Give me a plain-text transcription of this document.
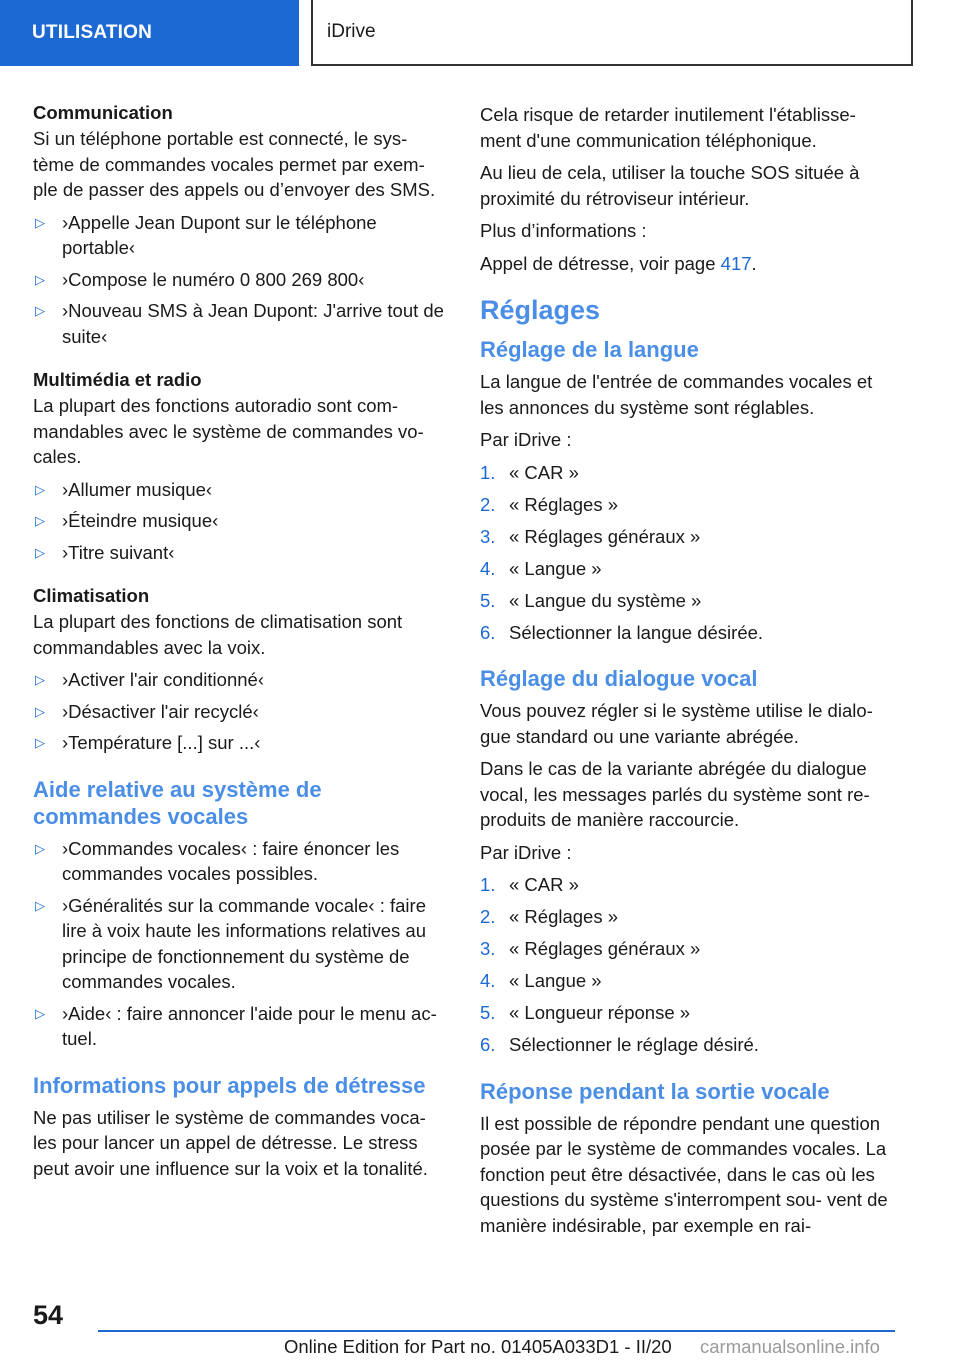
UTILISATION	iDrive
Communication

Si un téléphone portable est connecté, le sys- tème de commandes vocales permet par exem- ple de passer des appels ou d’envoyer des SMS.

▷ ›Appelle Jean Dupont sur le téléphone portable‹
▷ ›Compose le numéro 0 800 269 800‹
▷ ›Nouveau SMS à Jean Dupont: J'arrive tout de suite‹
Multimédia et radio

La plupart des fonctions autoradio sont com- mandables avec le système de commandes vo- cales.

▷ ›Allumer musique‹
▷ ›Éteindre musique‹
▷ ›Titre suivant‹
Climatisation

La plupart des fonctions de climatisation sont commandables avec la voix.

▷ ›Activer l'air conditionné‹
▷ ›Désactiver l'air recyclé‹
▷ ›Température [...] sur ...‹
Aide relative au système de commandes vocales
▷ ›Commandes vocales‹ : faire énoncer les commandes vocales possibles.
▷ ›Généralités sur la commande vocale‹ : faire lire à voix haute les informations relatives au principe de fonctionnement du système de commandes vocales.
▷ ›Aide‹ : faire annoncer l'aide pour le menu ac- tuel.
Informations pour appels de détresse

Ne pas utiliser le système de commandes voca- les pour lancer un appel de détresse. Le stress peut avoir une influence sur la voix et la tonalité.

Cela risque de retarder inutilement l'établisse- ment d'une communication téléphonique.

Au lieu de cela, utiliser la touche SOS située à proximité du rétroviseur intérieur.

Plus d’informations :

Appel de détresse, voir page 417.

Réglages
Réglage de la langue

La langue de l'entrée de commandes vocales et les annonces du système sont réglables.

Par iDrive :

1. « CAR »
2. « Réglages »
3. « Réglages généraux »
4. « Langue »
5. « Langue du système »
6. Sélectionner la langue désirée.
Réglage du dialogue vocal

Vous pouvez régler si le système utilise le dialo- gue standard ou une variante abrégée.

Dans le cas de la variante abrégée du dialogue vocal, les messages parlés du système sont re- produits de manière raccourcie.

Par iDrive :

1. « CAR »
2. « Réglages »
3. « Réglages généraux »
4. « Langue »
5. « Longueur réponse »
6. Sélectionner le réglage désiré.
Réponse pendant la sortie vocale

Il est possible de répondre pendant une question posée par le système de commandes vocales. La fonction peut être désactivée, dans le cas où les questions du système s'interrompent sou- vent de manière indésirable, par exemple en rai-

54
Online Edition for Part no. 01405A033D1 - II/20 carmanualsonline.info
